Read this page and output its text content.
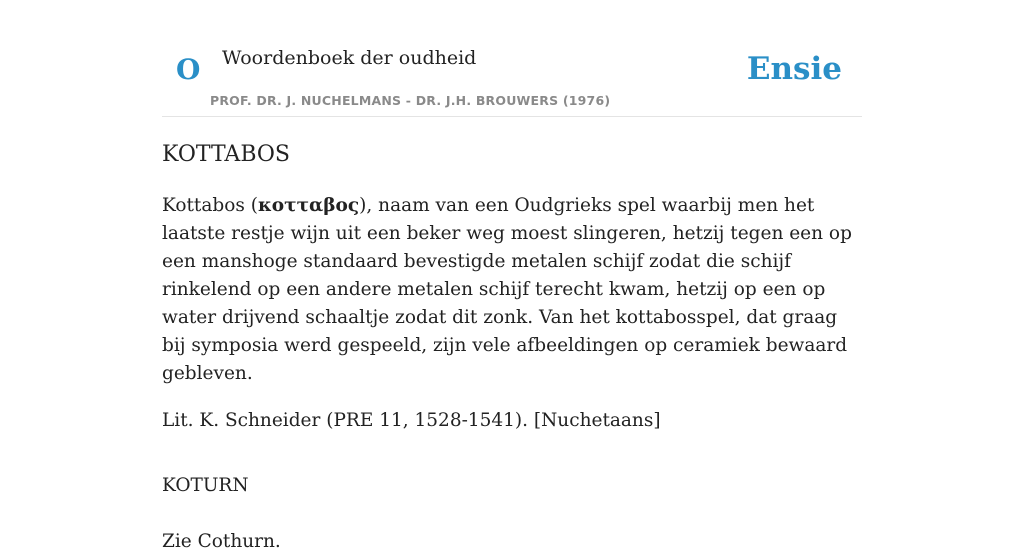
O Woordenboek der oudheid	Ensie
PROF. DR. J. NUCHELMANS - DR. J.H. BROUWERS (1976)
KOTTABOS

Kottabos (κοτταβος), naam van een Oudgrieks spel waarbij men het laatste restje wijn uit een beker weg moest slingeren, hetzij tegen een op een manshoge standaard bevestigde metalen schijf zodat die schijf rinkelend op een andere metalen schijf terecht kwam, hetzij op een op water drijvend schaaltje zodat dit zonk. Van het kottabosspel, dat graag bij symposia werd gespeeld, zijn vele afbeeldingen op ceramiek bewaard gebleven.

Lit. K. Schneider (PRE 11, 1528-1541). [Nuchetaans]

KOTURN
Zie Cothurn.
